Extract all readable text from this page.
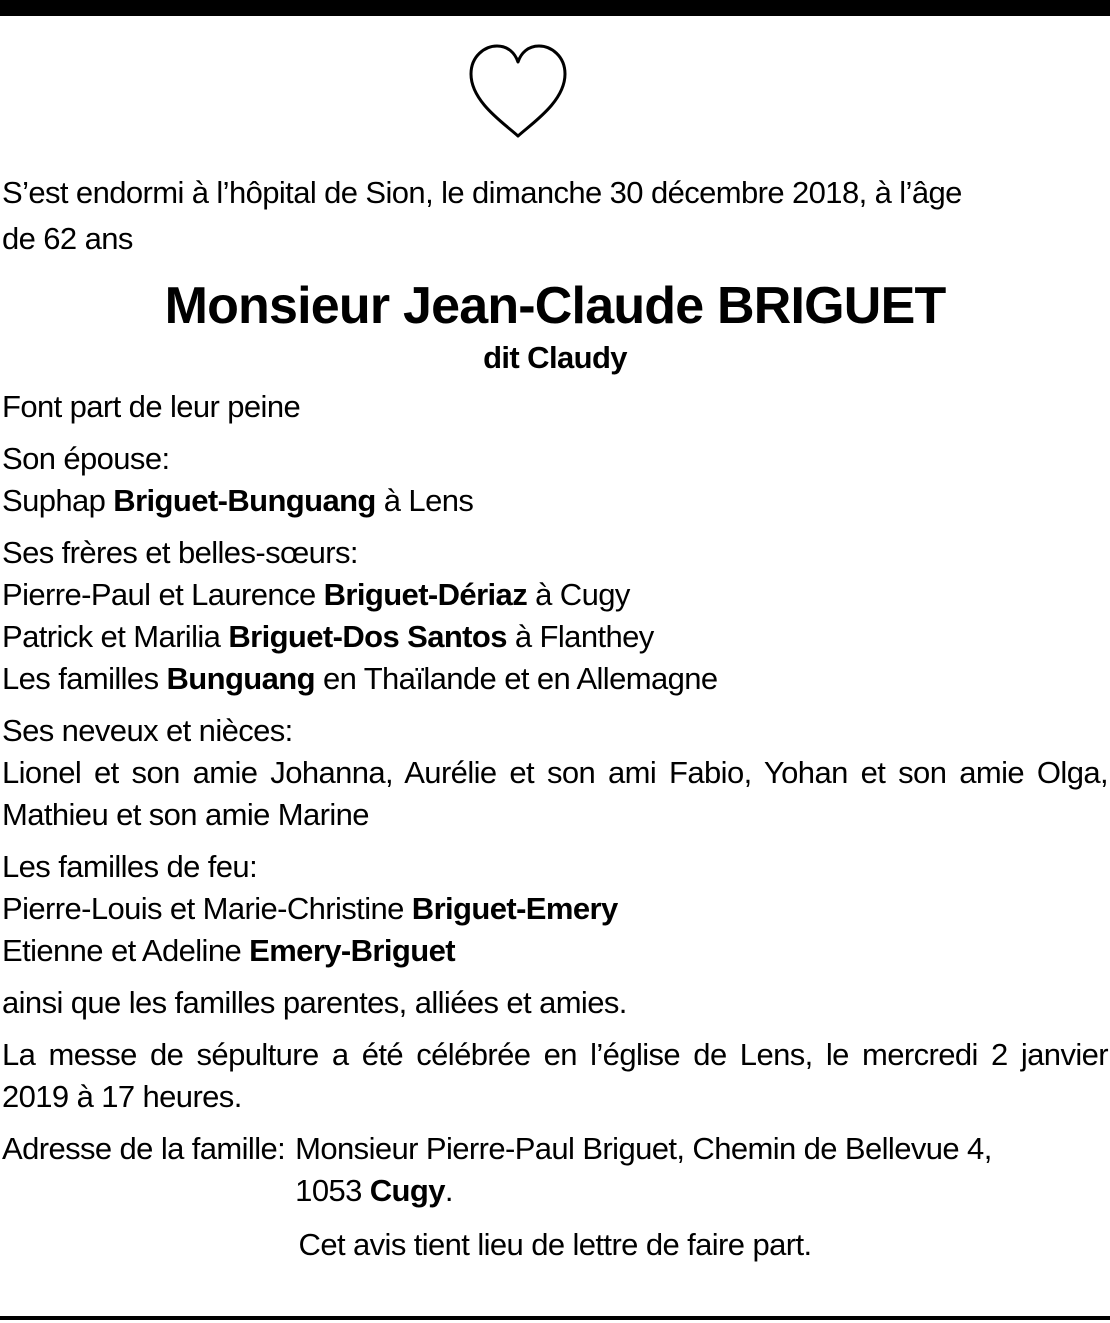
S’est endormi à l’hôpital de Sion, le dimanche 30 décembre 2018, à l’âge
de 62 ans

Monsieur Jean-Claude BRIGUET

dit Claudy

Font part de leur peine

Son épouse:
Suphap Briguet-Bunguang à Lens

Ses frères et belles-sœurs:
Pierre-Paul et Laurence Briguet-Dériaz à Cugy
Patrick et Marilia Briguet-Dos Santos à Flanthey
Les familles Bunguang en Thaïlande et en Allemagne

Ses neveux et nièces:
Lionel et son amie Johanna, Aurélie et son ami Fabio, Yohan et son amie Olga, Mathieu et son amie Marine

Les familles de feu:
Pierre-Louis et Marie-Christine Briguet-Emery
Etienne et Adeline Emery-Briguet

ainsi que les familles parentes, alliées et amies.

La messe de sépulture a été célébrée en l’église de Lens, le mercredi 2 janvier 2019 à 17 heures.

Adresse de la famille: Monsieur Pierre-Paul Briguet, Chemin de Bellevue 4,
1053 Cugy.

Cet avis tient lieu de lettre de faire part.
